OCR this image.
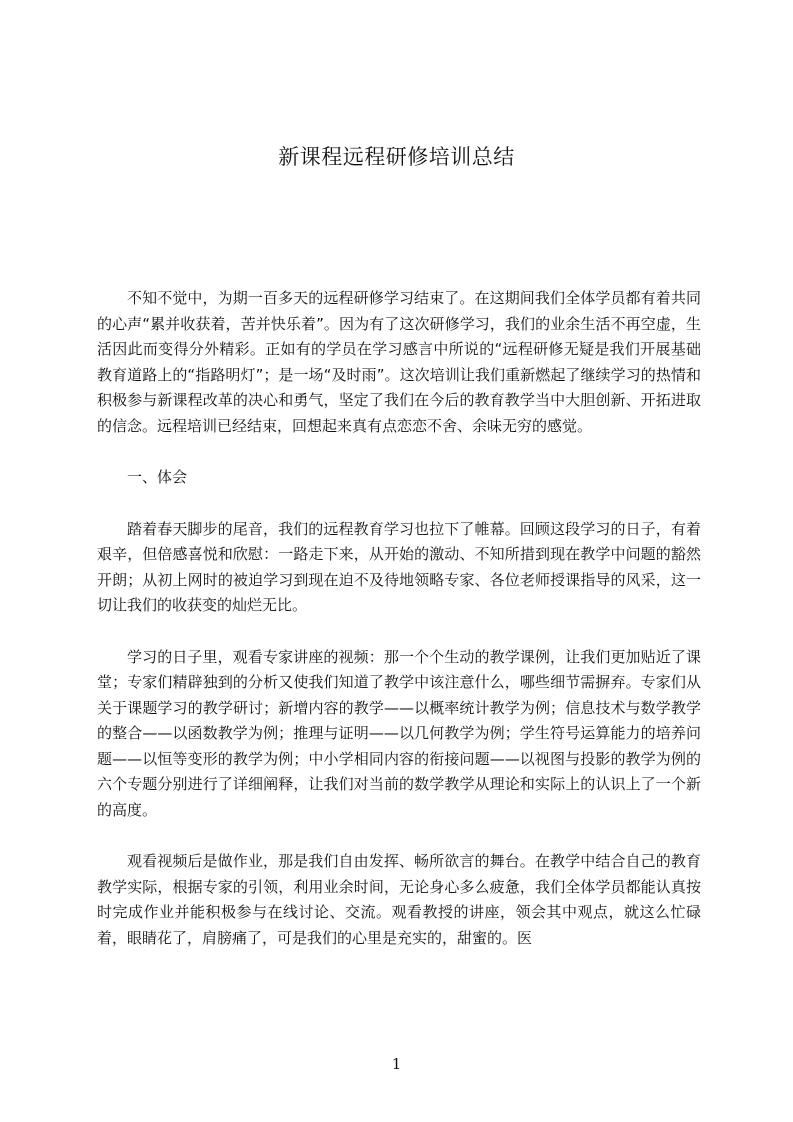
新课程远程研修培训总结

不知不觉中，为期一百多天的远程研修学习结束了。在这期间我们全体学员都有着共同的心声“累并收获着，苦并快乐着”。因为有了这次研修学习，我们的业余生活不再空虚，生活因此而变得分外精彩。正如有的学员在学习感言中所说的“远程研修无疑是我们开展基础教育道路上的“指路明灯”；是一场“及时雨”。这次培训让我们重新燃起了继续学习的热情和积极参与新课程改革的决心和勇气，坚定了我们在今后的教育教学当中大胆创新、开拓进取的信念。远程培训已经结束，回想起来真有点恋恋不舍、余味无穷的感觉。

一、体会

踏着春天脚步的尾音，我们的远程教育学习也拉下了帷幕。回顾这段学习的日子，有着艰辛，但倍感喜悦和欣慰：一路走下来，从开始的激动、不知所措到现在教学中问题的豁然开朗；从初上网时的被迫学习到现在迫不及待地领略专家、各位老师授课指导的风采，这一切让我们的收获变的灿烂无比。

学习的日子里，观看专家讲座的视频：那一个个生动的教学课例，让我们更加贴近了课堂；专家们精辟独到的分析又使我们知道了教学中该注意什么，哪些细节需摒弃。专家们从关于课题学习的教学研讨；新增内容的教学——以概率统计教学为例；信息技术与数学教学的整合——以函数教学为例；推理与证明——以几何教学为例；学生符号运算能力的培养问题——以恒等变形的教学为例；中小学相同内容的衔接问题——以视图与投影的教学为例的六个专题分别进行了详细阐释，让我们对当前的数学教学从理论和实际上的认识上了一个新的高度。

观看视频后是做作业，那是我们自由发挥、畅所欲言的舞台。在教学中结合自己的教育教学实际，根据专家的引领，利用业余时间，无论身心多么疲惫，我们全体学员都能认真按时完成作业并能积极参与在线讨论、交流。观看教授的讲座，领会其中观点，就这么忙碌着，眼睛花了，肩膀痛了，可是我们的心里是充实的，甜蜜的。医

1
